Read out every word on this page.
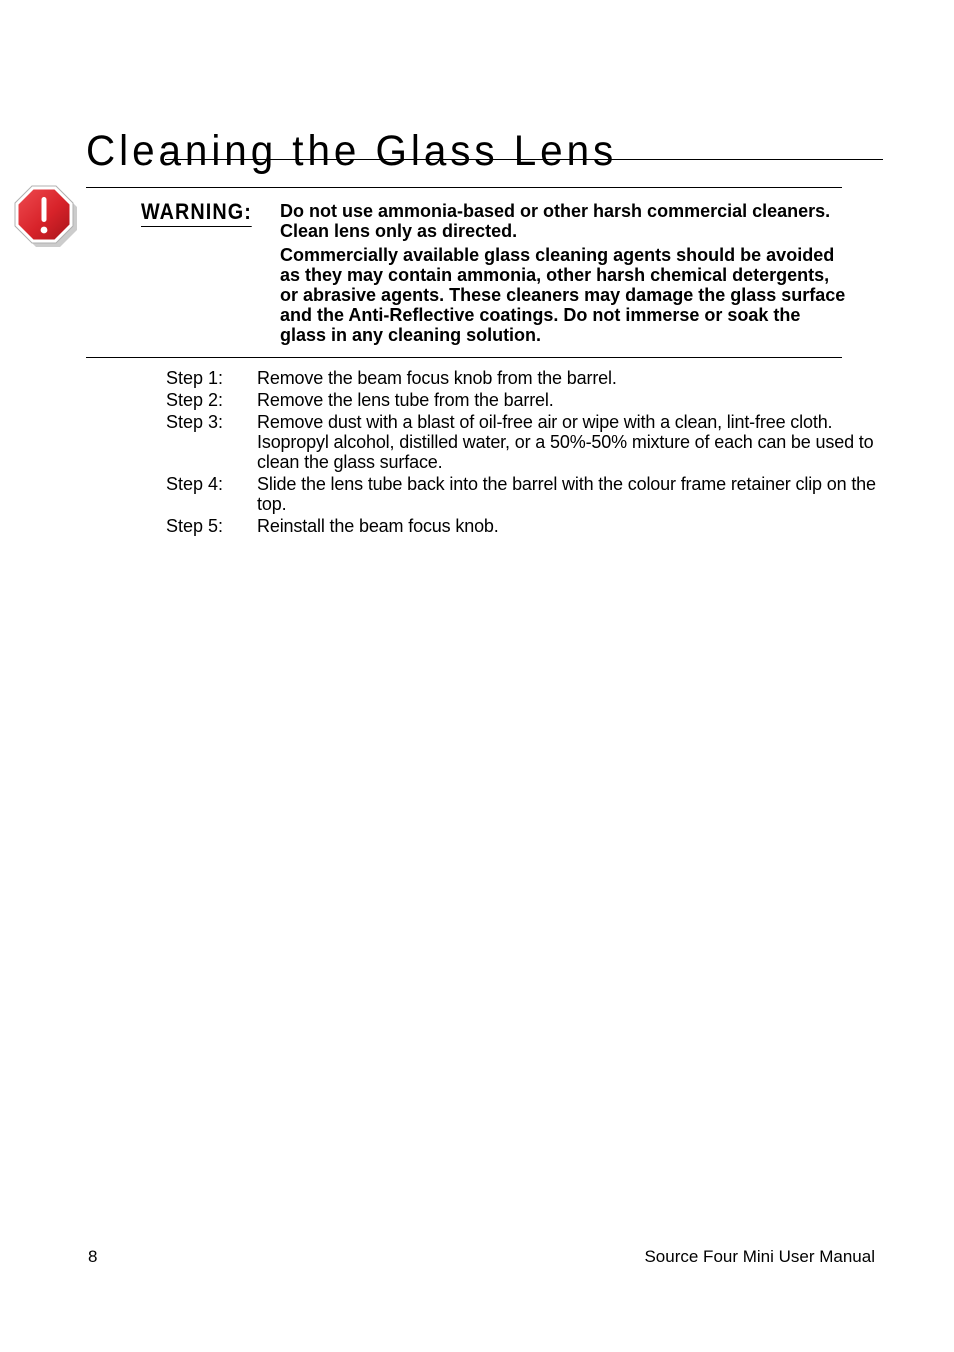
Cleaning the Glass Lens
WARNING: Do not use ammonia-based or other harsh commercial cleaners. Clean lens only as directed.

Commercially available glass cleaning agents should be avoided as they may contain ammonia, other harsh chemical detergents, or abrasive agents. These cleaners may damage the glass surface and the Anti-Reflective coatings. Do not immerse or soak the glass in any cleaning solution.

Step 1:	Remove the beam focus knob from the barrel.
Step 2:	Remove the lens tube from the barrel.
Step 3:	Remove dust with a blast of oil-free air or wipe with a clean, lint-free cloth. Isopropyl alcohol, distilled water, or a 50%-50% mixture of each can be used to clean the glass surface.
Step 4:	Slide the lens tube back into the barrel with the colour frame retainer clip on the top.
Step 5:	Reinstall the beam focus knob.
8	Source Four Mini User Manual
